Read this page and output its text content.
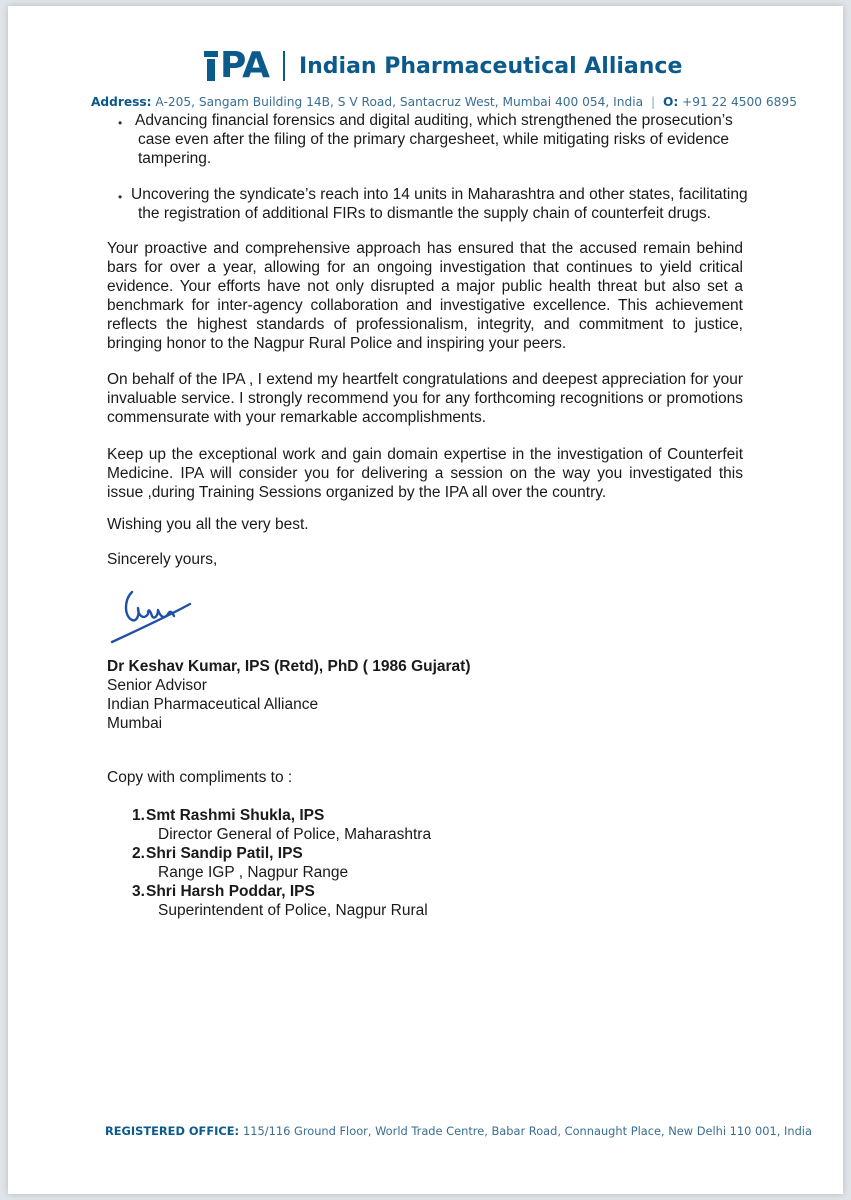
PA Indian Pharmaceutical Alliance
Address: A-205, Sangam Building 14B, S V Road, Santacruz West, Mumbai 400 054, India | O: +91 22 4500 6895
• Advancing financial forensics and digital auditing, which strengthened the prosecution’s
case even after the filing of the primary chargesheet, while mitigating risks of evidence
tampering.
• Uncovering the syndicate’s reach into 14 units in Maharashtra and other states, facilitating
the registration of additional FIRs to dismantle the supply chain of counterfeit drugs.
Your proactive and comprehensive approach has ensured that the accused remain behind bars for over a year, allowing for an ongoing investigation that continues to yield critical evidence. Your efforts have not only disrupted a major public health threat but also set a benchmark for inter-agency collaboration and investigative excellence. This achievement reflects the highest standards of professionalism, integrity, and commitment to justice, bringing honor to the Nagpur Rural Police and inspiring your peers.
On behalf of the IPA , I extend my heartfelt congratulations and deepest appreciation for your invaluable service. I strongly recommend you for any forthcoming recognitions or promotions commensurate with your remarkable accomplishments.
Keep up the exceptional work and gain domain expertise in the investigation of Counterfeit Medicine. IPA will consider you for delivering a session on the way you investigated this issue ,during Training Sessions organized by the IPA all over the country.
Wishing you all the very best.
Sincerely yours,
Dr Keshav Kumar, IPS (Retd), PhD ( 1986 Gujarat)
Senior Advisor
Indian Pharmaceutical Alliance
Mumbai
Copy with compliments to :
1. Smt Rashmi Shukla, IPS
Director General of Police, Maharashtra
2. Shri Sandip Patil, IPS
Range IGP , Nagpur Range
3. Shri Harsh Poddar, IPS
Superintendent of Police, Nagpur Rural
REGISTERED OFFICE: 115/116 Ground Floor, World Trade Centre, Babar Road, Connaught Place, New Delhi 110 001, India
